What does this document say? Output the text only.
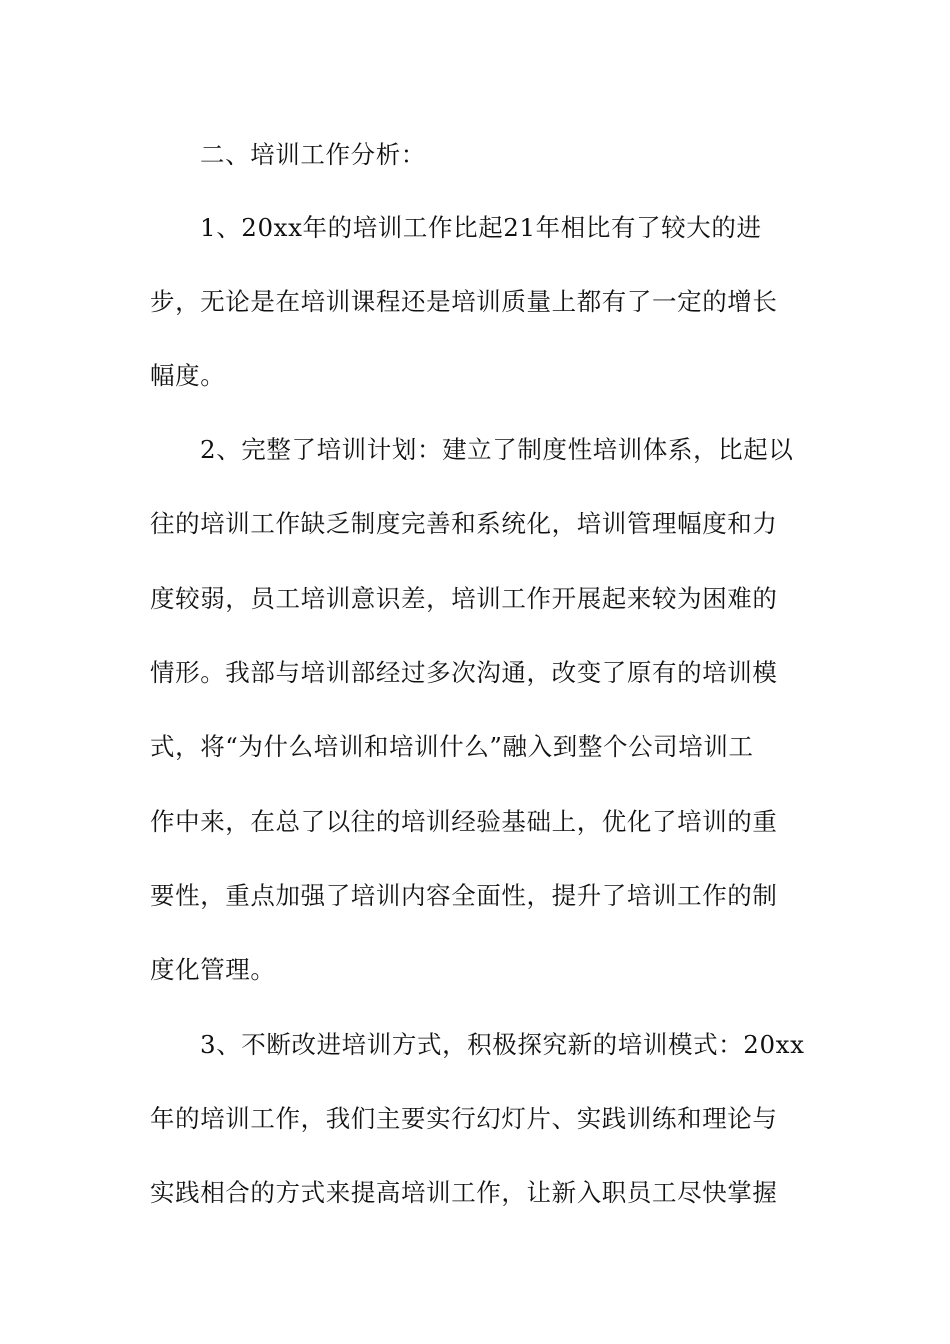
二、培训工作分析：
1、20xx年的培训工作比起21年相比有了较大的进
步，无论是在培训课程还是培训质量上都有了一定的增长
幅度。
2、完整了培训计划：建立了制度性培训体系，比起以
往的培训工作缺乏制度完善和系统化，培训管理幅度和力
度较弱，员工培训意识差，培训工作开展起来较为困难的
情形。我部与培训部经过多次沟通，改变了原有的培训模
式，将“为什么培训和培训什么”融入到整个公司培训工
作中来，在总了以往的培训经验基础上，优化了培训的重
要性，重点加强了培训内容全面性，提升了培训工作的制
度化管理。
3、不断改进培训方式，积极探究新的培训模式：20xx
年的培训工作，我们主要实行幻灯片、实践训练和理论与
实践相合的方式来提高培训工作，让新入职员工尽快掌握
